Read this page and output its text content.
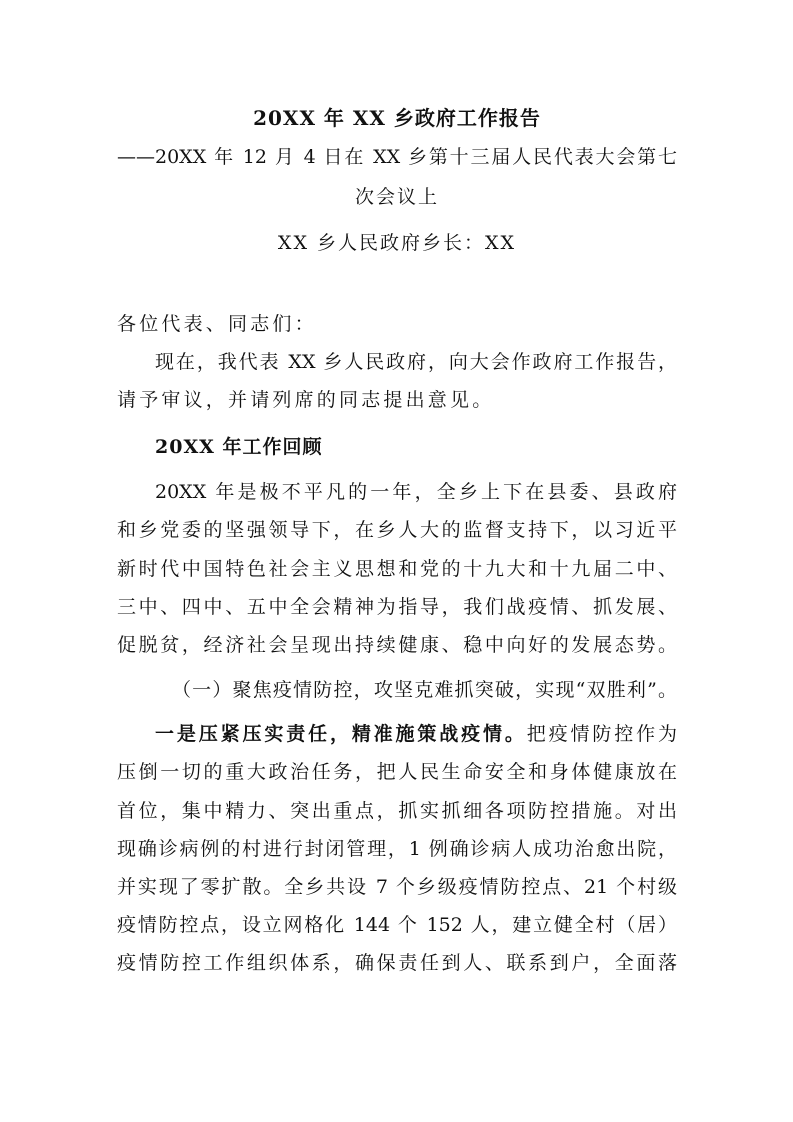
20XX 年 XX 乡政府工作报告
——20XX 年 12 月 4 日在 XX 乡第十三届人民代表大会第七
次会议上
XX 乡人民政府乡长：XX
各位代表、同志们：
现在，我代表 XX 乡人民政府，向大会作政府工作报告，
请予审议，并请列席的同志提出意见。
20XX 年工作回顾
20XX 年是极不平凡的一年，全乡上下在县委、县政府
和乡党委的坚强领导下，在乡人大的监督支持下，以习近平
新时代中国特色社会主义思想和党的十九大和十九届二中、
三中、四中、五中全会精神为指导，我们战疫情、抓发展、
促脱贫，经济社会呈现出持续健康、稳中向好的发展态势。
（一）聚焦疫情防控，攻坚克难抓突破，实现“双胜利”。
一是压紧压实责任，精准施策战疫情。把疫情防控作为
压倒一切的重大政治任务，把人民生命安全和身体健康放在
首位，集中精力、突出重点，抓实抓细各项防控措施。对出
现确诊病例的村进行封闭管理，1 例确诊病人成功治愈出院，
并实现了零扩散。全乡共设 7 个乡级疫情防控点、21 个村级
疫情防控点，设立网格化 144 个 152 人，建立健全村（居）
疫情防控工作组织体系，确保责任到人、联系到户，全面落
